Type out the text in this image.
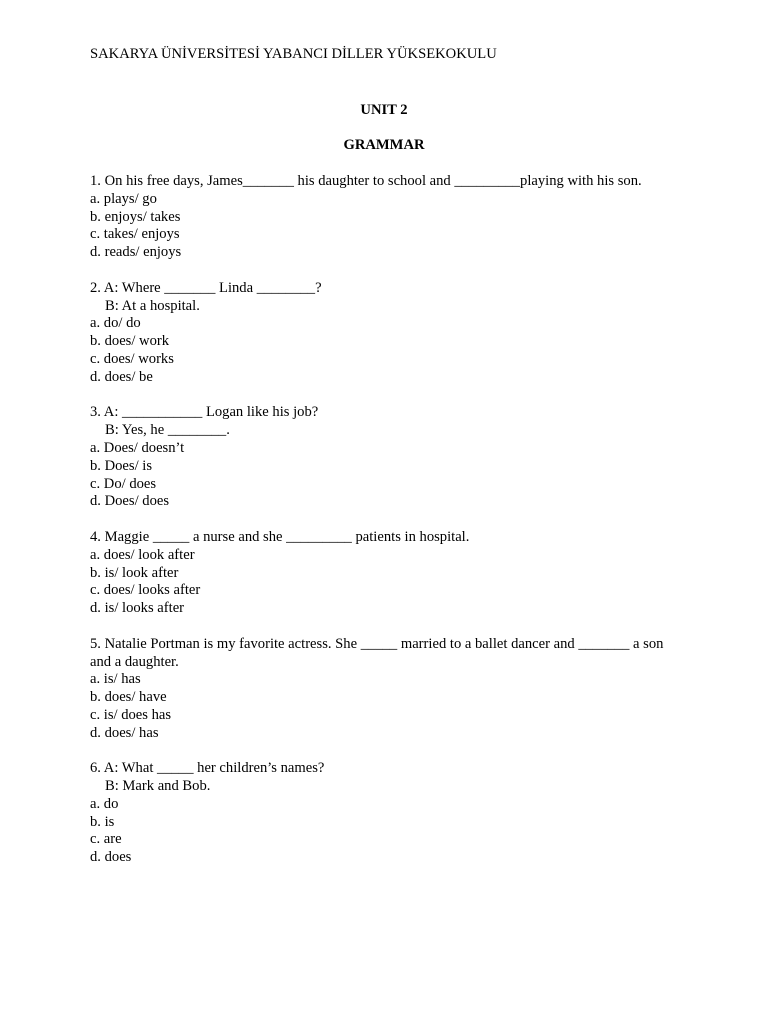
SAKARYA ÜNİVERSİTESİ YABANCI DİLLER YÜKSEKOKULU
UNIT 2
GRAMMAR
1. On his free days, James_______ his daughter to school and _________playing with his son.
a. plays/ go
b. enjoys/ takes
c. takes/ enjoys
d. reads/ enjoys
2. A: Where _______ Linda ________?
B: At a hospital.
a. do/ do
b. does/ work
c. does/ works
d. does/ be
3. A: ___________ Logan like his job?
B: Yes, he ________.
a. Does/ doesn’t
b. Does/ is
c. Do/ does
d. Does/ does
4. Maggie _____ a nurse and she _________ patients in hospital.
a. does/ look after
b. is/ look after
c. does/ looks after
d. is/ looks after
5. Natalie Portman is my favorite actress. She _____ married to a ballet dancer and _______ a son and a daughter.
a. is/ has
b. does/ have
c. is/ does has
d. does/ has
6. A: What _____ her children’s names?
B: Mark and Bob.
a. do
b. is
c. are
d. does
